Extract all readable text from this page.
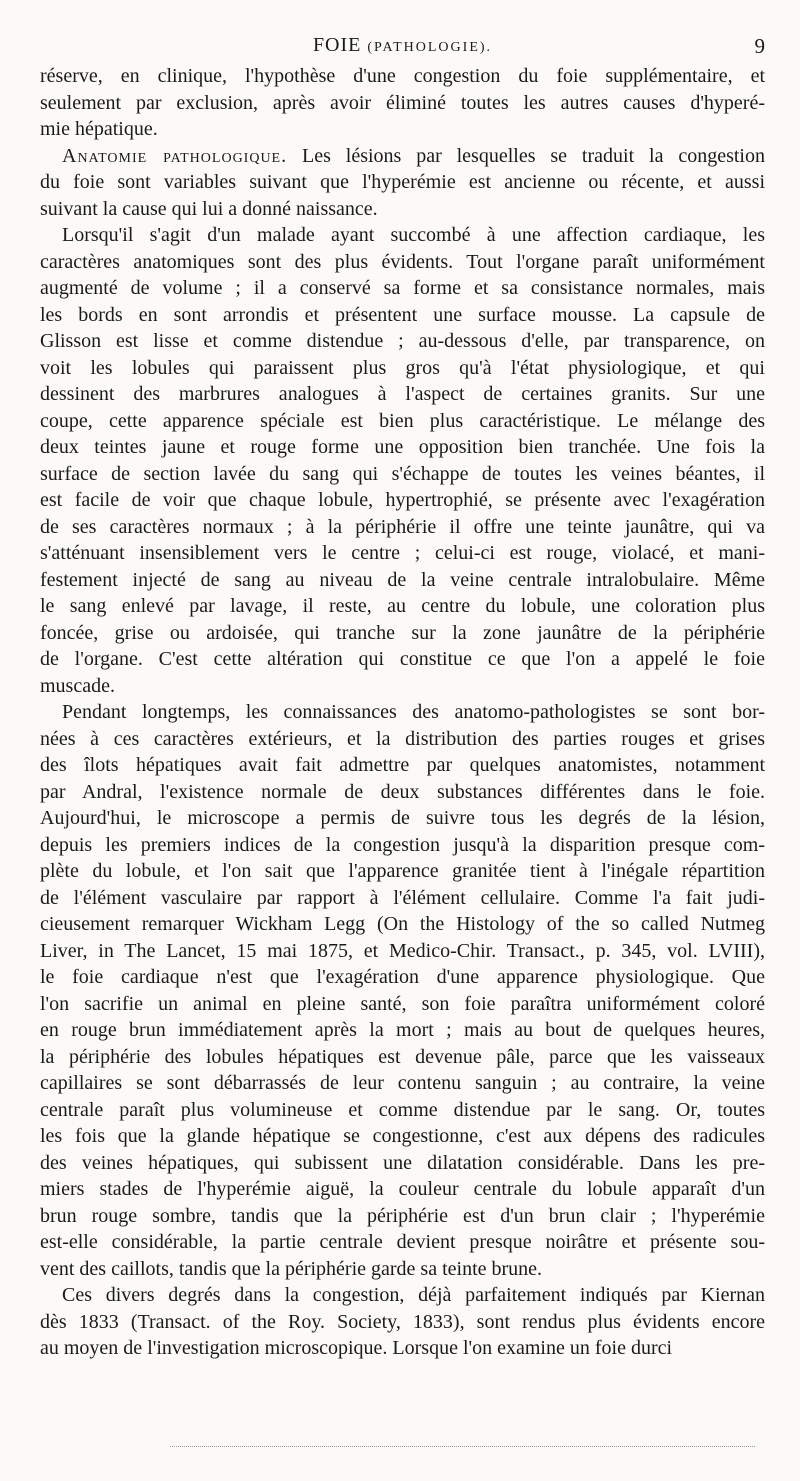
FOIE (PATHOLOGIE).	9
réserve, en clinique, l'hypothèse d'une congestion du foie supplémentaire, et
seulement par exclusion, après avoir éliminé toutes les autres causes d'hyperé-
mie hépatique.
Anatomie pathologique. Les lésions par lesquelles se traduit la congestion
du foie sont variables suivant que l'hyperémie est ancienne ou récente, et aussi
suivant la cause qui lui a donné naissance.
Lorsqu'il s'agit d'un malade ayant succombé à une affection cardiaque, les
caractères anatomiques sont des plus évidents. Tout l'organe paraît uniformément
augmenté de volume ; il a conservé sa forme et sa consistance normales, mais
les bords en sont arrondis et présentent une surface mousse. La capsule de
Glisson est lisse et comme distendue ; au-dessous d'elle, par transparence, on
voit les lobules qui paraissent plus gros qu'à l'état physiologique, et qui
dessinent des marbrures analogues à l'aspect de certaines granits. Sur une
coupe, cette apparence spéciale est bien plus caractéristique. Le mélange des
deux teintes jaune et rouge forme une opposition bien tranchée. Une fois la
surface de section lavée du sang qui s'échappe de toutes les veines béantes, il
est facile de voir que chaque lobule, hypertrophié, se présente avec l'exagération
de ses caractères normaux ; à la périphérie il offre une teinte jaunâtre, qui va
s'atténuant insensiblement vers le centre ; celui-ci est rouge, violacé, et mani-
festement injecté de sang au niveau de la veine centrale intralobulaire. Même
le sang enlevé par lavage, il reste, au centre du lobule, une coloration plus
foncée, grise ou ardoisée, qui tranche sur la zone jaunâtre de la périphérie
de l'organe. C'est cette altération qui constitue ce que l'on a appelé le foie
muscade.
Pendant longtemps, les connaissances des anatomo-pathologistes se sont bor-
nées à ces caractères extérieurs, et la distribution des parties rouges et grises
des îlots hépatiques avait fait admettre par quelques anatomistes, notamment
par Andral, l'existence normale de deux substances différentes dans le foie.
Aujourd'hui, le microscope a permis de suivre tous les degrés de la lésion,
depuis les premiers indices de la congestion jusqu'à la disparition presque com-
plète du lobule, et l'on sait que l'apparence granitée tient à l'inégale répartition
de l'élément vasculaire par rapport à l'élément cellulaire. Comme l'a fait judi-
cieusement remarquer Wickham Legg (On the Histology of the so called Nutmeg
Liver, in The Lancet, 15 mai 1875, et Medico-Chir. Transact., p. 345, vol. LVIII),
le foie cardiaque n'est que l'exagération d'une apparence physiologique. Que
l'on sacrifie un animal en pleine santé, son foie paraîtra uniformément coloré
en rouge brun immédiatement après la mort ; mais au bout de quelques heures,
la périphérie des lobules hépatiques est devenue pâle, parce que les vaisseaux
capillaires se sont débarrassés de leur contenu sanguin ; au contraire, la veine
centrale paraît plus volumineuse et comme distendue par le sang. Or, toutes
les fois que la glande hépatique se congestionne, c'est aux dépens des radicules
des veines hépatiques, qui subissent une dilatation considérable. Dans les pre-
miers stades de l'hyperémie aiguë, la couleur centrale du lobule apparaît d'un
brun rouge sombre, tandis que la périphérie est d'un brun clair ; l'hyperémie
est-elle considérable, la partie centrale devient presque noirâtre et présente sou-
vent des caillots, tandis que la périphérie garde sa teinte brune.
Ces divers degrés dans la congestion, déjà parfaitement indiqués par Kiernan
dès 1833 (Transact. of the Roy. Society, 1833), sont rendus plus évidents encore
au moyen de l'investigation microscopique. Lorsque l'on examine un foie durci
